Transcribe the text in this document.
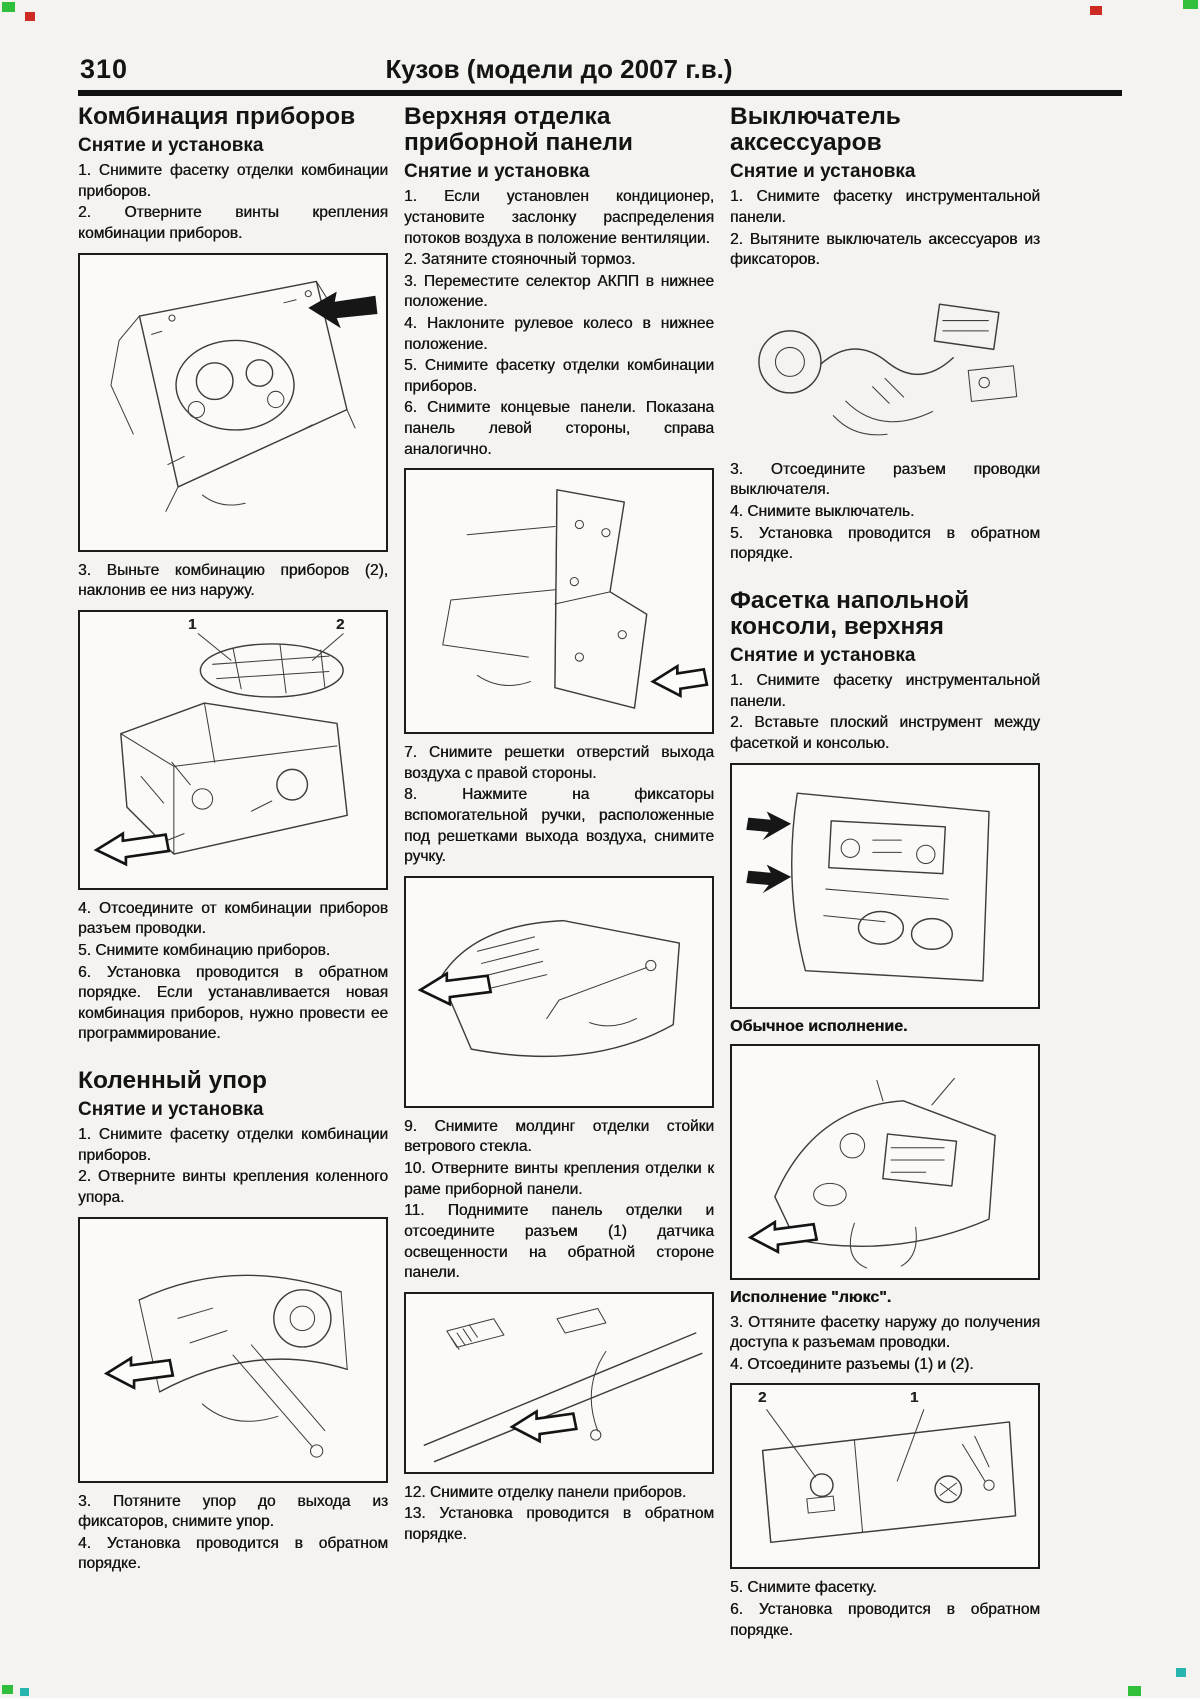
310	Кузов (модели до 2007 г.в.)
Комбинация приборов
Снятие и установка

1. Снимите фасетку отделки комбинации приборов.

2. Отверните винты крепления комбинации приборов.

3. Выньте комбинацию приборов (2), наклонив ее низ наружу.

1	2

4. Отсоедините от комбинации приборов разъем проводки.

5. Снимите комбинацию приборов.

6. Установка проводится в обратном порядке. Если устанавливается новая комбинация приборов, нужно провести ее программирование.

Коленный упор
Снятие и установка

1. Снимите фасетку отделки комбинации приборов.

2. Отверните винты крепления коленного упора.

3. Потяните упор до выхода из фиксаторов, снимите упор.

4. Установка проводится в обратном порядке.

Верхняя отделка приборной панели
Снятие и установка

1. Если установлен кондиционер, установите заслонку распределения потоков воздуха в положение вентиляции.

2. Затяните стояночный тормоз.

3. Переместите селектор АКПП в нижнее положение.

4. Наклоните рулевое колесо в нижнее положение.

5. Снимите фасетку отделки комбинации приборов.

6. Снимите концевые панели. Показана панель левой стороны, справа аналогично.

7. Снимите решетки отверстий выхода воздуха с правой стороны.

8. Нажмите на фиксаторы вспомогательной ручки, расположенные под решетками выхода воздуха, снимите ручку.

9. Снимите молдинг отделки стойки ветрового стекла.

10. Отверните винты крепления отделки к раме приборной панели.

11. Поднимите панель отделки и отсоедините разъем (1) датчика освещенности на обратной стороне панели.

12. Снимите отделку панели приборов.

13. Установка проводится в обратном порядке.

Выключатель аксессуаров
Снятие и установка

1. Снимите фасетку инструментальной панели.

2. Вытяните выключатель аксессуаров из фиксаторов.

3. Отсоедините разъем проводки выключателя.

4. Снимите выключатель.

5. Установка проводится в обратном порядке.

Фасетка напольной консоли, верхняя
Снятие и установка

1. Снимите фасетку инструментальной панели.

2. Вставьте плоский инструмент между фасеткой и консолью.

Обычное исполнение.
Исполнение "люкс".

3. Оттяните фасетку наружу до получения доступа к разъемам проводки.

4. Отсоедините разъемы (1) и (2).

2	1

5. Снимите фасетку.

6. Установка проводится в обратном порядке.
